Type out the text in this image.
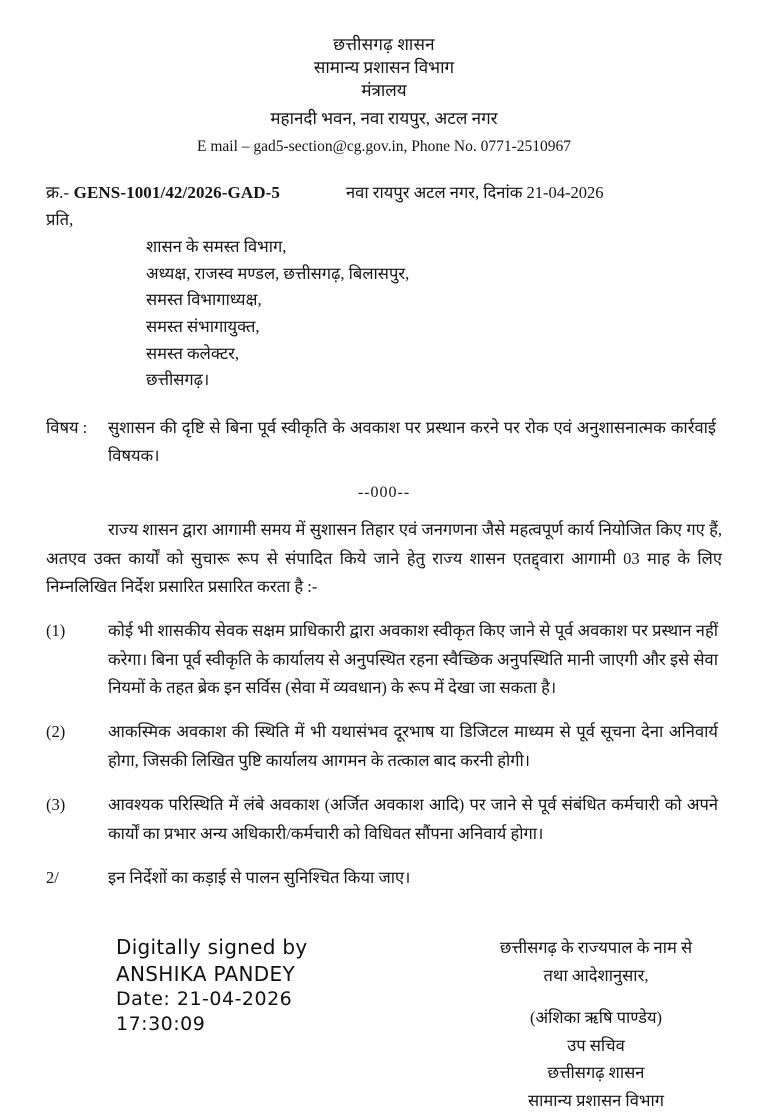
छत्तीसगढ़ शासन
सामान्य प्रशासन विभाग
मंत्रालय
महानदी भवन, नवा रायपुर, अटल नगर
E mail – gad5-section@cg.gov.in, Phone No. 0771-2510967
क्र.- GENS-1001/42/2026-GAD-5	नवा रायपुर अटल नगर, दिनांक 21-04-2026
प्रति,
शासन के समस्त विभाग,
अध्यक्ष, राजस्व मण्डल, छत्तीसगढ़, बिलासपुर,
समस्त विभागाध्यक्ष,
समस्त संभागायुक्त,
समस्त कलेक्टर,
छत्तीसगढ़।
विषय :	सुशासन की दृष्टि से बिना पूर्व स्वीकृति के अवकाश पर प्रस्थान करने पर रोक एवं अनुशासनात्मक कार्रवाई विषयक।
--000--
राज्य शासन द्वारा आगामी समय में सुशासन तिहार एवं जनगणना जैसे महत्वपूर्ण कार्य नियोजित किए गए हैं, अतएव उक्त कार्यों को सुचारू रूप से संपादित किये जाने हेतु राज्य शासन एतद्द्वारा आगामी 03 माह के लिए निम्नलिखित निर्देश प्रसारित प्रसारित करता है :-
(1)	कोई भी शासकीय सेवक सक्षम प्राधिकारी द्वारा अवकाश स्वीकृत किए जाने से पूर्व अवकाश पर प्रस्थान नहीं करेगा। बिना पूर्व स्वीकृति के कार्यालय से अनुपस्थित रहना स्वैच्छिक अनुपस्थिति मानी जाएगी और इसे सेवा नियमों के तहत ब्रेक इन सर्विस (सेवा में व्यवधान) के रूप में देखा जा सकता है।
(2)	आकस्मिक अवकाश की स्थिति में भी यथासंभव दूरभाष या डिजिटल माध्यम से पूर्व सूचना देना अनिवार्य होगा, जिसकी लिखित पुष्टि कार्यालय आगमन के तत्काल बाद करनी होगी।
(3)	आवश्यक परिस्थिति में लंबे अवकाश (अर्जित अवकाश आदि) पर जाने से पूर्व संबंधित कर्मचारी को अपने कार्यों का प्रभार अन्य अधिकारी/कर्मचारी को विधिवत सौंपना अनिवार्य होगा।
2/	इन निर्देशों का कड़ाई से पालन सुनिश्चित किया जाए।
Digitally signed by
ANSHIKA PANDEY
Date: 21-04-2026
17:30:09
छत्तीसगढ़ के राज्यपाल के नाम से
तथा आदेशानुसार,
(अंशिका ऋषि पाण्डेय)
उप सचिव
छत्तीसगढ़ शासन
सामान्य प्रशासन विभाग
